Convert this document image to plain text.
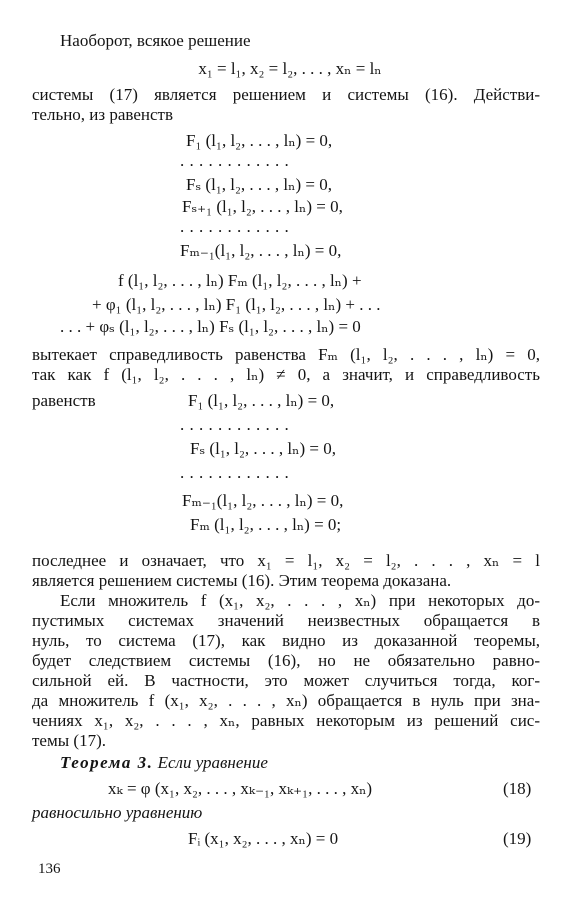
Наоборот, всякое решение
x₁ = l₁, x₂ = l₂, . . . , xₙ = lₙ
системы (17) является решением и системы (16). Действи-
тельно, из равенств
F₁ (l₁, l₂, . . . , lₙ) = 0,
. . . . . . . . . . . .
Fₛ (l₁, l₂, . . . , lₙ) = 0,
Fₛ₊₁ (l₁, l₂, . . . , lₙ) = 0,
. . . . . . . . . . . .
Fₘ₋₁(l₁, l₂, . . . , lₙ) = 0,
f (l₁, l₂, . . . , lₙ) Fₘ (l₁, l₂, . . . , lₙ) +
+ φ₁ (l₁, l₂, . . . , lₙ) F₁ (l₁, l₂, . . . , lₙ) + . . .
. . . + φₛ (l₁, l₂, . . . , lₙ) Fₛ (l₁, l₂, . . . , lₙ) = 0
вытекает справедливость равенства Fₘ (l₁, l₂, . . . , lₙ) = 0,
так как f (l₁, l₂, . . . , lₙ) ≠ 0, а значит, и справедливость
равенств	F₁ (l₁, l₂, . . . , lₙ) = 0,
. . . . . . . . . . . .
Fₛ (l₁, l₂, . . . , lₙ) = 0,
. . . . . . . . . . . .
Fₘ₋₁(l₁, l₂, . . . , lₙ) = 0,
Fₘ (l₁, l₂, . . . , lₙ) = 0;
последнее и означает, что x₁ = l₁, x₂ = l₂, . . . , xₙ = l
является решением системы (16). Этим теорема доказана.
Если множитель f (x₁, x₂, . . . , xₙ) при некоторых до-
пустимых системах значений неизвестных обращается в
нуль, то система (17), как видно из доказанной теоремы,
будет следствием системы (16), но не обязательно равно-
сильной ей. В частности, это может случиться тогда, ког-
да множитель f (x₁, x₂, . . . , xₙ) обращается в нуль при зна-
чениях x₁, x₂, . . . , xₙ, равных некоторым из решений сис-
темы (17).
Теорема 3. Если уравнение
xₖ = φ (x₁, x₂, . . . , xₖ₋₁, xₖ₊₁, . . . , xₙ)	(18)
равносильно уравнению
Fᵢ (x₁, x₂, . . . , xₙ) = 0	(19)
136
